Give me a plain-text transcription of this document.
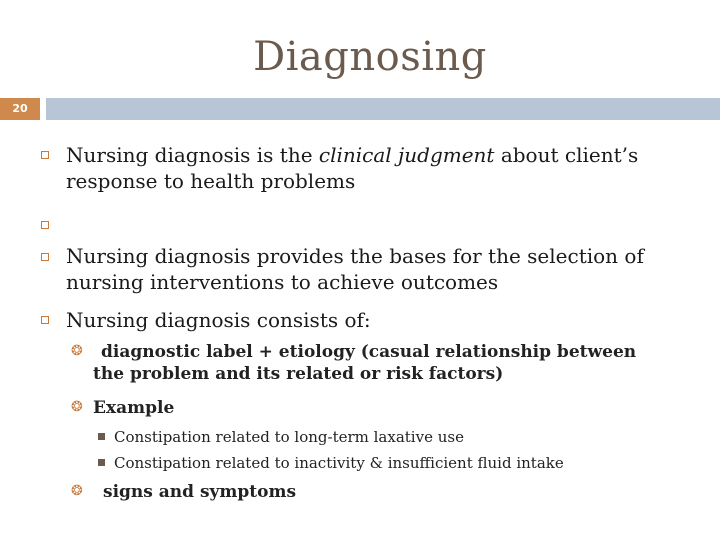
Diagnosing
20
Nursing diagnosis is the clinical judgment about client’s response to health problems
Nursing diagnosis provides the bases for the selection of nursing interventions to achieve outcomes
Nursing diagnosis consists of:
❂	diagnostic label + etiology (casual relationship between the problem and its related or risk factors)
❂ Example
Constipation related to long-term laxative use
Constipation related to inactivity & insufficient fluid intake
❂ signs and symptoms
